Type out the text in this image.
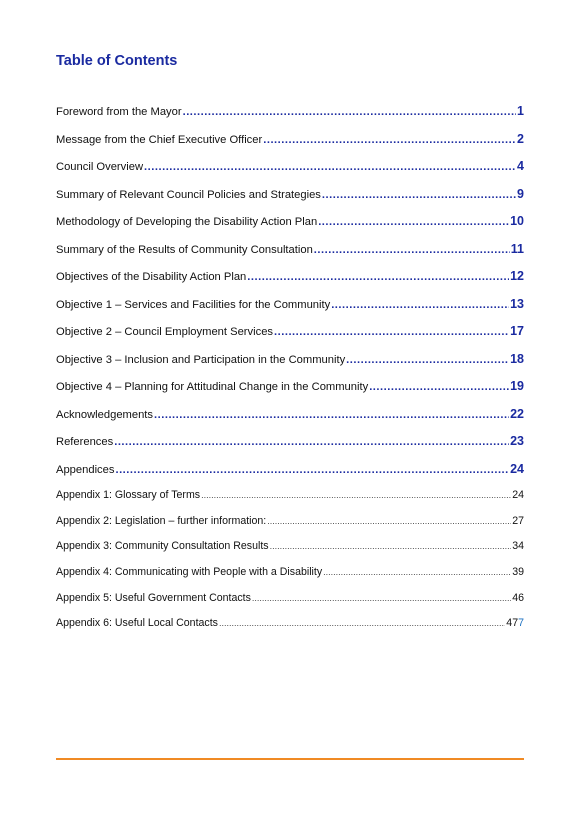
Table of Contents
Foreword from the Mayor .....	1
Message from the Chief Executive Officer .....	2
Council Overview .....	4
Summary of Relevant Council Policies and Strategies .....	9
Methodology of Developing the Disability Action Plan .....	10
Summary of the Results of Community Consultation .....	11
Objectives of the Disability Action Plan .....	12
Objective 1 – Services and Facilities for the Community .....	13
Objective 2 – Council Employment Services .....	17
Objective 3 – Inclusion and Participation in the Community .....	18
Objective 4 – Planning for Attitudinal Change in the Community .....	19
Acknowledgements .....	22
References .....	23
Appendices .....	24
Appendix 1: Glossary of Terms .....	24
Appendix 2: Legislation – further information: .....	27
Appendix 3: Community Consultation Results .....	34
Appendix 4: Communicating with People with a Disability .....	39
Appendix 5: Useful Government Contacts .....	46
Appendix 6: Useful Local Contacts .....	477
